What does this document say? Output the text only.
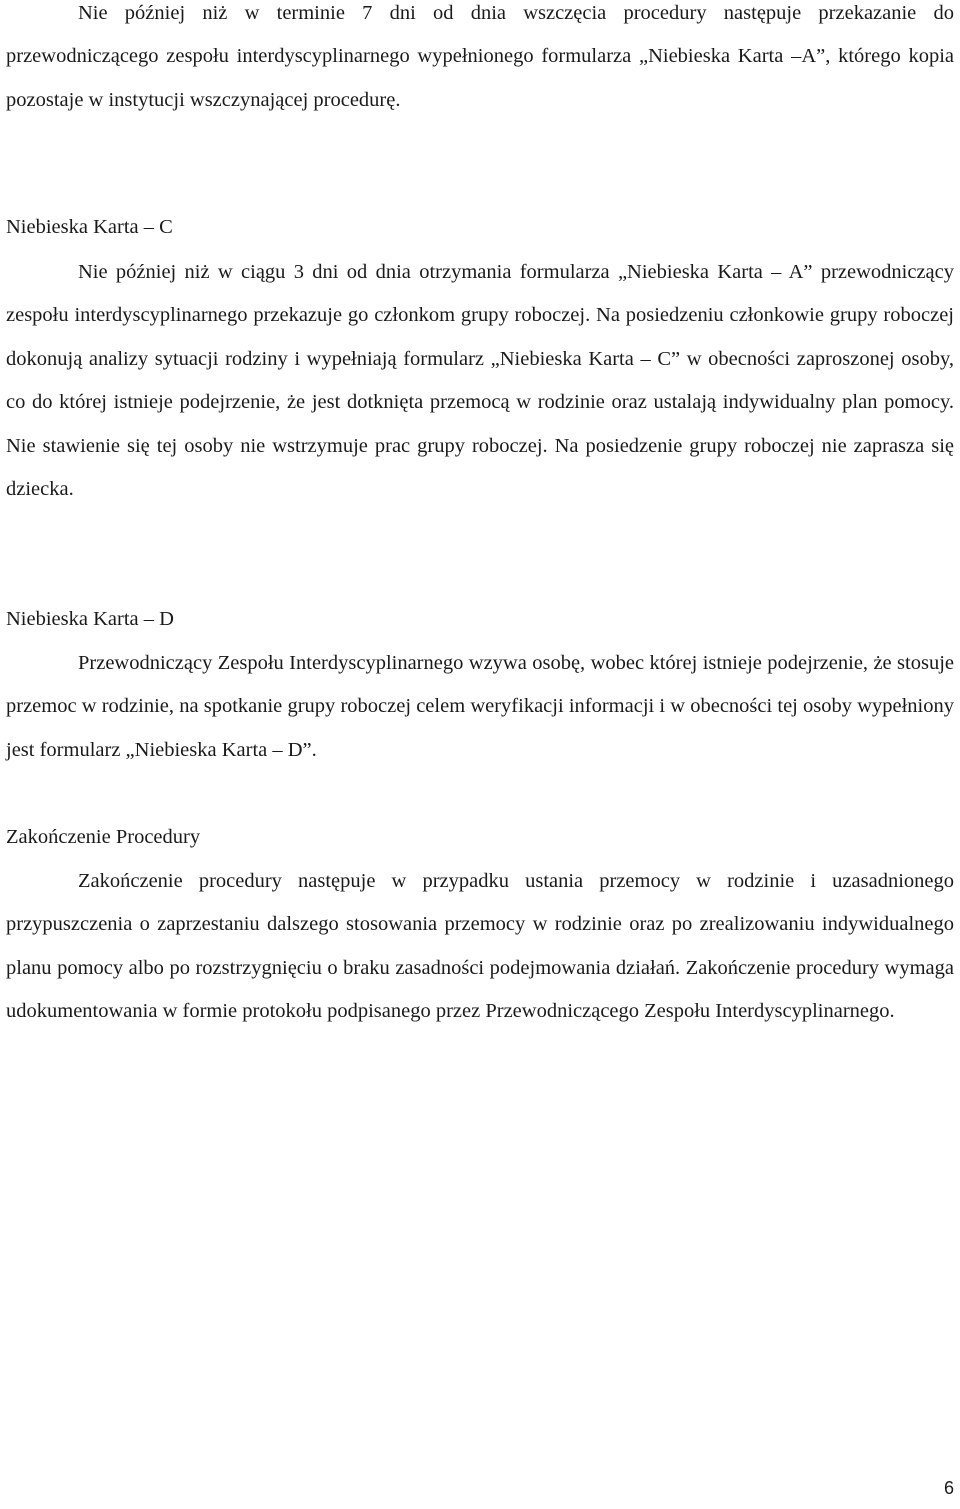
Nie później niż w terminie 7 dni od dnia wszczęcia procedury następuje przekazanie do przewodniczącego zespołu interdyscyplinarnego wypełnionego formularza „Niebieska Karta –A”, którego kopia pozostaje w instytucji wszczynającej procedurę.

Niebieska Karta – C

Nie później niż w ciągu 3 dni od dnia otrzymania formularza „Niebieska Karta – A” przewodniczący zespołu interdyscyplinarnego przekazuje go członkom grupy roboczej. Na posiedzeniu członkowie grupy roboczej dokonują analizy sytuacji rodziny i wypełniają formularz „Niebieska Karta – C” w obecności zaproszonej osoby, co do której istnieje podejrzenie, że jest dotknięta przemocą w rodzinie oraz ustalają indywidualny plan pomocy. Nie stawienie się tej osoby nie wstrzymuje prac grupy roboczej. Na posiedzenie grupy roboczej nie zaprasza się dziecka.

Niebieska Karta – D

Przewodniczący Zespołu Interdyscyplinarnego wzywa osobę, wobec której istnieje podejrzenie, że stosuje przemoc w rodzinie, na spotkanie grupy roboczej celem weryfikacji informacji i w obecności tej osoby wypełniony jest formularz „Niebieska Karta – D”.

Zakończenie Procedury

Zakończenie procedury następuje w przypadku ustania przemocy w rodzinie i uzasadnionego przypuszczenia o zaprzestaniu dalszego stosowania przemocy w rodzinie oraz po zrealizowaniu indywidualnego planu pomocy albo po rozstrzygnięciu o braku zasadności podejmowania działań. Zakończenie procedury wymaga udokumentowania w formie protokołu podpisanego przez Przewodniczącego Zespołu Interdyscyplinarnego.

6
